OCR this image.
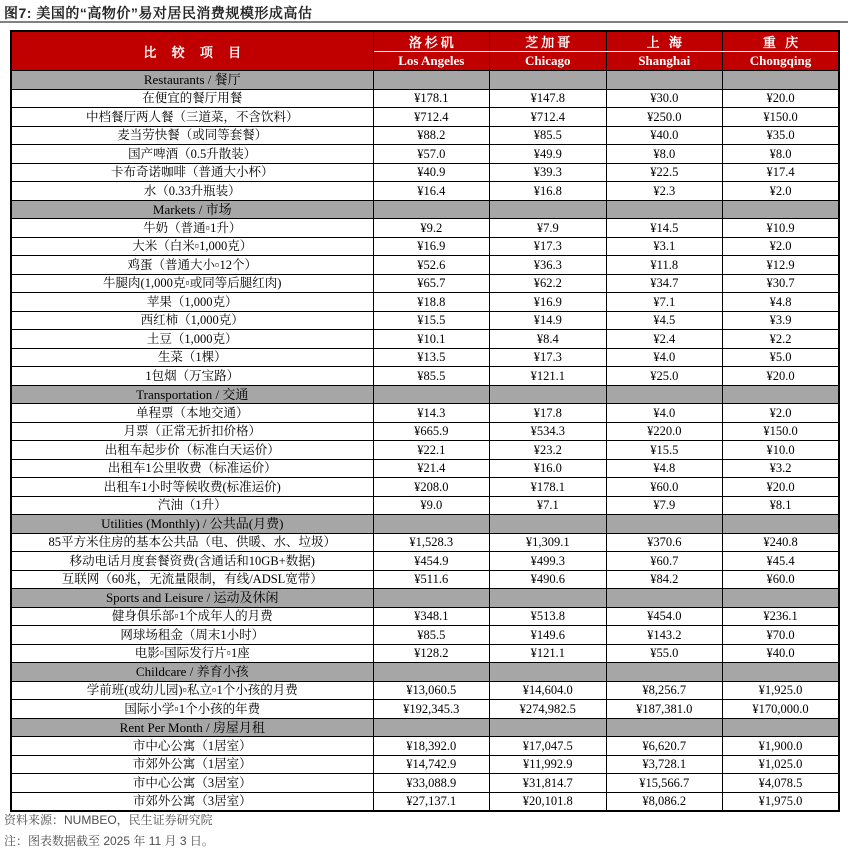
图7: 美国的“高物价”易对居民消费规模形成高估
比 较 项 目	洛杉矶	芝加哥	上 海	重 庆
	Los Angeles	Chicago	Shanghai	Chongqing
Restaurants / 餐厅				
在便宜的餐厅用餐	¥178.1	¥147.8	¥30.0	¥20.0
中档餐厅两人餐（三道菜，不含饮料）	¥712.4	¥712.4	¥250.0	¥150.0
麦当劳快餐（或同等套餐）	¥88.2	¥85.5	¥40.0	¥35.0
国产啤酒（0.5升散装）	¥57.0	¥49.9	¥8.0	¥8.0
卡布奇诺咖啡（普通大小杯）	¥40.9	¥39.3	¥22.5	¥17.4
水（0.33升瓶装）	¥16.4	¥16.8	¥2.3	¥2.0
Markets / 市场				
牛奶（普通▫1升）	¥9.2	¥7.9	¥14.5	¥10.9
大米（白米▫1,000克）	¥16.9	¥17.3	¥3.1	¥2.0
鸡蛋（普通大小▫12个）	¥52.6	¥36.3	¥11.8	¥12.9
牛腿肉(1,000克▫或同等后腿红肉)	¥65.7	¥62.2	¥34.7	¥30.7
苹果（1,000克）	¥18.8	¥16.9	¥7.1	¥4.8
西红柿（1,000克）	¥15.5	¥14.9	¥4.5	¥3.9
土豆（1,000克）	¥10.1	¥8.4	¥2.4	¥2.2
生菜（1棵）	¥13.5	¥17.3	¥4.0	¥5.0
1包烟（万宝路）	¥85.5	¥121.1	¥25.0	¥20.0
Transportation / 交通				
单程票（本地交通）	¥14.3	¥17.8	¥4.0	¥2.0
月票（正常无折扣价格）	¥665.9	¥534.3	¥220.0	¥150.0
出租车起步价（标准白天运价）	¥22.1	¥23.2	¥15.5	¥10.0
出租车1公里收费（标准运价）	¥21.4	¥16.0	¥4.8	¥3.2
出租车1小时等候收费(标准运价)	¥208.0	¥178.1	¥60.0	¥20.0
汽油（1升）	¥9.0	¥7.1	¥7.9	¥8.1
Utilities (Monthly) / 公共品(月费)				
85平方米住房的基本公共品（电、供暖、水、垃圾）	¥1,528.3	¥1,309.1	¥370.6	¥240.8
移动电话月度套餐资费(含通话和10GB+数据)	¥454.9	¥499.3	¥60.7	¥45.4
互联网（60兆，无流量限制，有线/ADSL宽带）	¥511.6	¥490.6	¥84.2	¥60.0
Sports and Leisure / 运动及休闲				
健身俱乐部▫1个成年人的月费	¥348.1	¥513.8	¥454.0	¥236.1
网球场租金（周末1小时）	¥85.5	¥149.6	¥143.2	¥70.0
电影▫国际发行片▫1座	¥128.2	¥121.1	¥55.0	¥40.0
Childcare / 养育小孩				
学前班(或幼儿园)▫私立▫1个小孩的月费	¥13,060.5	¥14,604.0	¥8,256.7	¥1,925.0
国际小学▫1个小孩的年费	¥192,345.3	¥274,982.5	¥187,381.0	¥170,000.0
Rent Per Month / 房屋月租				
市中心公寓（1居室）	¥18,392.0	¥17,047.5	¥6,620.7	¥1,900.0
市郊外公寓（1居室）	¥14,742.9	¥11,992.9	¥3,728.1	¥1,025.0
市中心公寓（3居室）	¥33,088.9	¥31,814.7	¥15,566.7	¥4,078.5
市郊外公寓（3居室）	¥27,137.1	¥20,101.8	¥8,086.2	¥1,975.0
资料来源：NUMBEO，民生证券研究院
注：图表数据截至 2025 年 11 月 3 日。
